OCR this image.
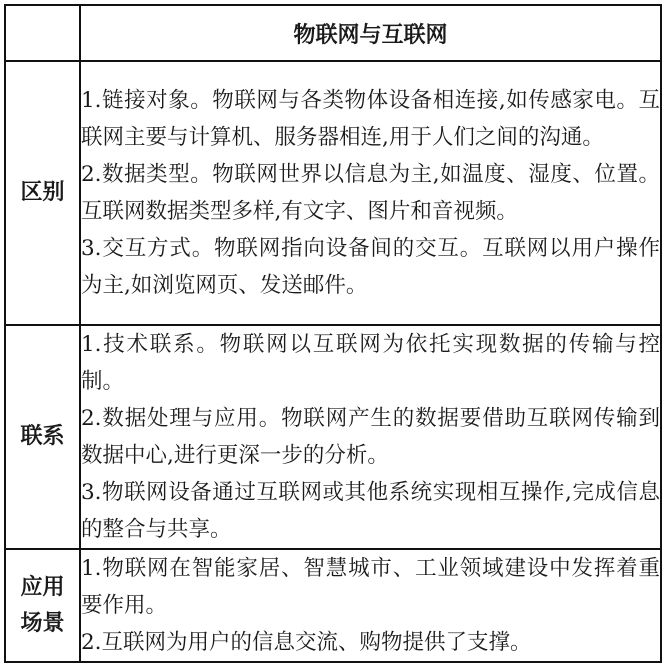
	物联网与互联网
区别	1.链接对象。物联网与各类物体设备相连接,如传感家电。互联网主要与计算机、服务器相连,用于人们之间的沟通。
2.数据类型。物联网世界以信息为主,如温度、湿度、位置。互联网数据类型多样,有文字、图片和音视频。
3.交互方式。物联网指向设备间的交互。互联网以用户操作为主,如浏览网页、发送邮件。

联系	1.技术联系。物联网以互联网为依托实现数据的传输与控制。
2.数据处理与应用。物联网产生的数据要借助互联网传输到数据中心,进行更深一步的分析。
3.物联网设备通过互联网或其他系统实现相互操作,完成信息的整合与共享。

应用
场景	1.物联网在智能家居、智慧城市、工业领域建设中发挥着重要作用。
2.互联网为用户的信息交流、购物提供了支撑。
